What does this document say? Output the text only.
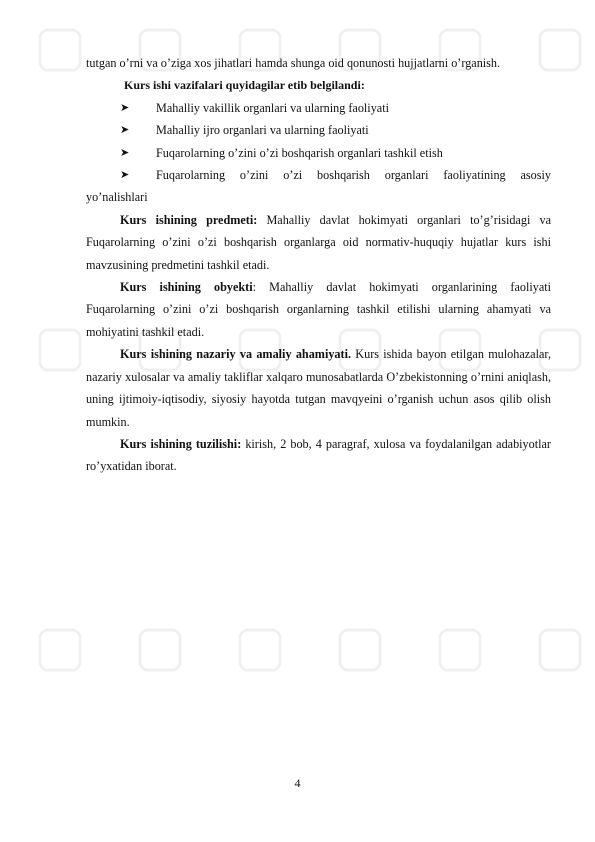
tutgan o’rni va o’ziga xos jihatlari hamda shunga oid qonunosti hujjatlarni o’rganish.

Kurs ishi vazifalari quyidagilar etib belgilandi:

➤ Mahalliy vakillik organlari va ularning faoliyati

➤ Mahalliy ijro organlari va ularning faoliyati

➤ Fuqarolarning o’zini o’zi boshqarish organlari tashkil etish

➤	Fuqarolarning o’zini o’zi boshqarish organlari faoliyatining asosiy
yo’nalishlari

Kurs ishining predmeti: Mahalliy davlat hokimyati organlari to’g’risidagi va Fuqarolarning o’zini o’zi boshqarish organlarga oid normativ-huquqiy hujatlar kurs ishi mavzusining predmetini tashkil etadi.

Kurs ishining obyekti: Mahalliy davlat hokimyati organlarining faoliyati Fuqarolarning o’zini o’zi boshqarish organlarning tashkil etilishi ularning ahamyati va mohiyatini tashkil etadi.

Kurs ishining nazariy va amaliy ahamiyati. Kurs ishida bayon etilgan mulohazalar, nazariy xulosalar va amaliy takliflar xalqaro munosabatlarda O’zbekistonning o’rnini aniqlash, uning ijtimoiy-iqtisodiy, siyosiy hayotda tutgan mavqyeini o’rganish uchun asos qilib olish mumkin.

Kurs ishining tuzilishi: kirish, 2 bob, 4 paragraf, xulosa va foydalanilgan adabiyotlar ro’yxatidan iborat.

4
